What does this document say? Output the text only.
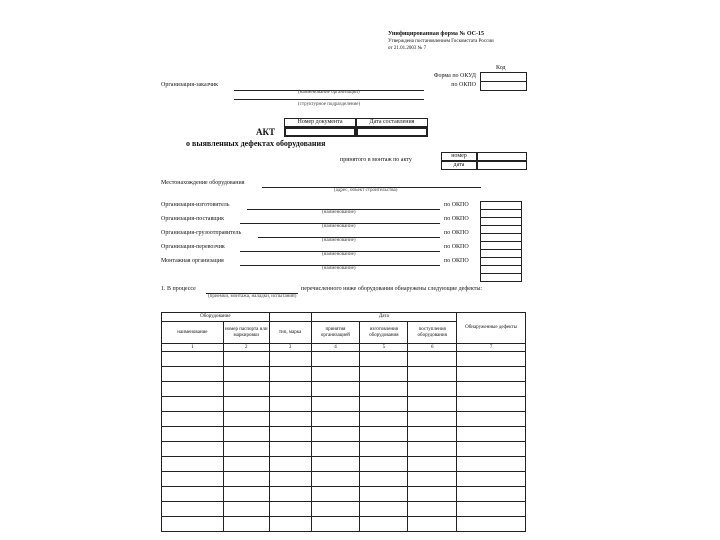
Унифицированная форма № ОС-15
Утверждена постановлением Госкомстата России
от 21.01.2003 № 7
Код
Форма по ОКУД
по ОКПО

Организация-заказчик
(наименование организации)
(структурное подразделение)
Номер документа	Дата составления
АКТ
о выявленных дефектах оборудования
принятого в монтаж по акту
номер
дата
Местонахождение оборудования
(адрес, объект строительства)
Организация-изготовитель
(наименование)
по ОКПО
Организация-поставщик
(наименование)
по ОКПО
Организация-грузоотправитель
(наименование)
по ОКПО
Организация-перевозчик
(наименование)
по ОКПО
Монтажная организация
(наименование)
по ОКПО

1. В процессе
(приемки, монтажа, наладки, испытаний)
перечисленного ниже оборудования обнаружены следующие дефекты:
Оборудование			Дата			Обнаруженные дефекты
наименование	номер паспорта или маркировки	тип, марка	принятия организацией	изготовления оборудования	поступления оборудования	
1	2	3	4	5	6	7
